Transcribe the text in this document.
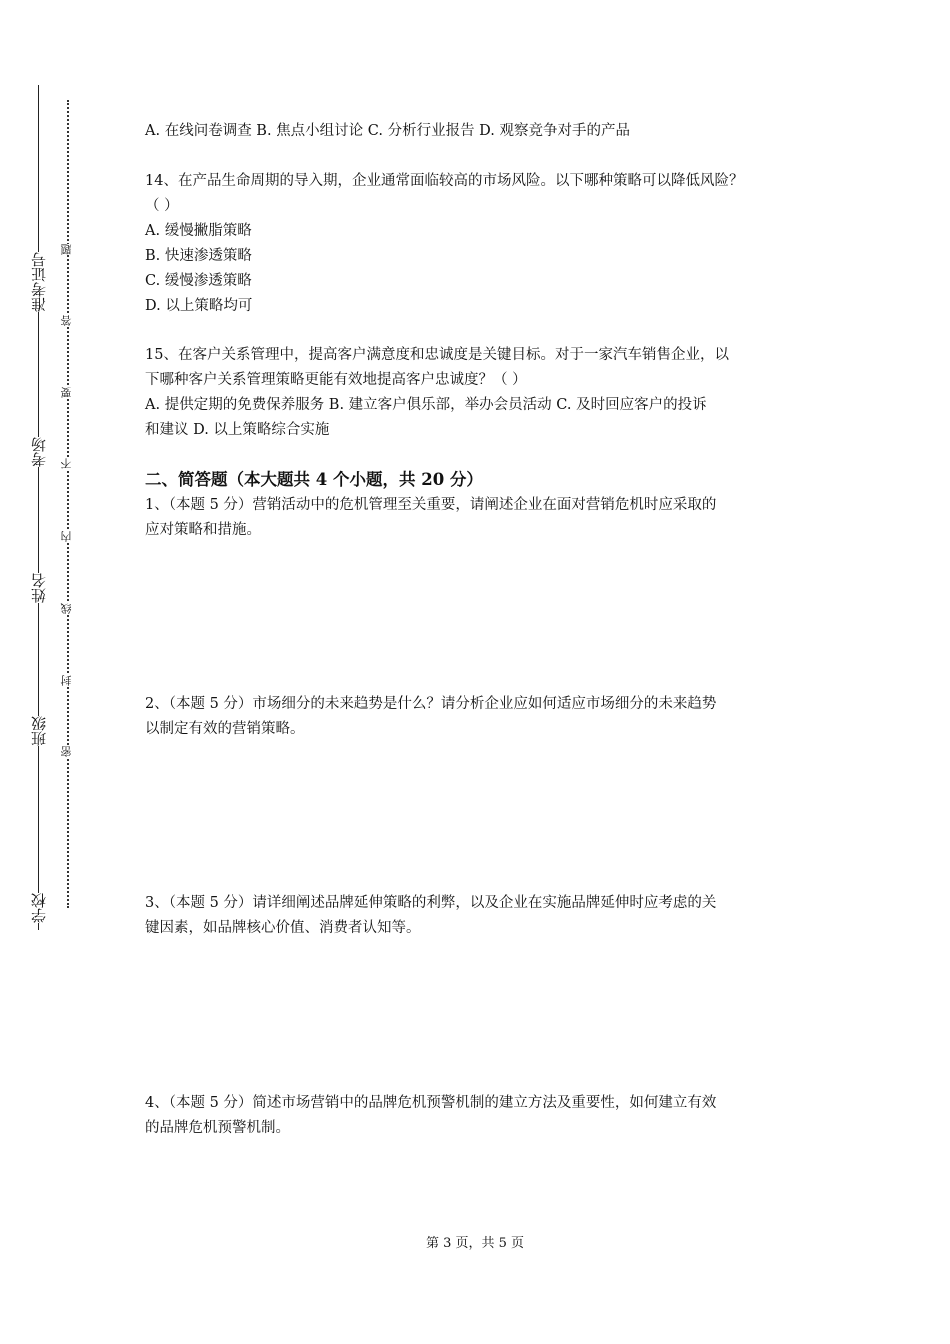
准考证号
考场
姓名
班级
学校
题
答
要
不
内
线
封
密
A. 在线问卷调查 B. 焦点小组讨论 C. 分析行业报告 D. 观察竞争对手的产品
14、在产品生命周期的导入期，企业通常面临较高的市场风险。以下哪种策略可以降低风险？
（ ）
A. 缓慢撇脂策略
B. 快速渗透策略
C. 缓慢渗透策略
D. 以上策略均可
15、在客户关系管理中，提高客户满意度和忠诚度是关键目标。对于一家汽车销售企业，以
下哪种客户关系管理策略更能有效地提高客户忠诚度？（ ）
A. 提供定期的免费保养服务 B. 建立客户俱乐部，举办会员活动 C. 及时回应客户的投诉
和建议 D. 以上策略综合实施
二、简答题（本大题共 4 个小题，共 20 分）
1、（本题 5 分）营销活动中的危机管理至关重要，请阐述企业在面对营销危机时应采取的
应对策略和措施。
2、（本题 5 分）市场细分的未来趋势是什么？请分析企业应如何适应市场细分的未来趋势
以制定有效的营销策略。
3、（本题 5 分）请详细阐述品牌延伸策略的利弊，以及企业在实施品牌延伸时应考虑的关
键因素，如品牌核心价值、消费者认知等。
4、（本题 5 分）简述市场营销中的品牌危机预警机制的建立方法及重要性，如何建立有效
的品牌危机预警机制。
第 3 页，共 5 页
